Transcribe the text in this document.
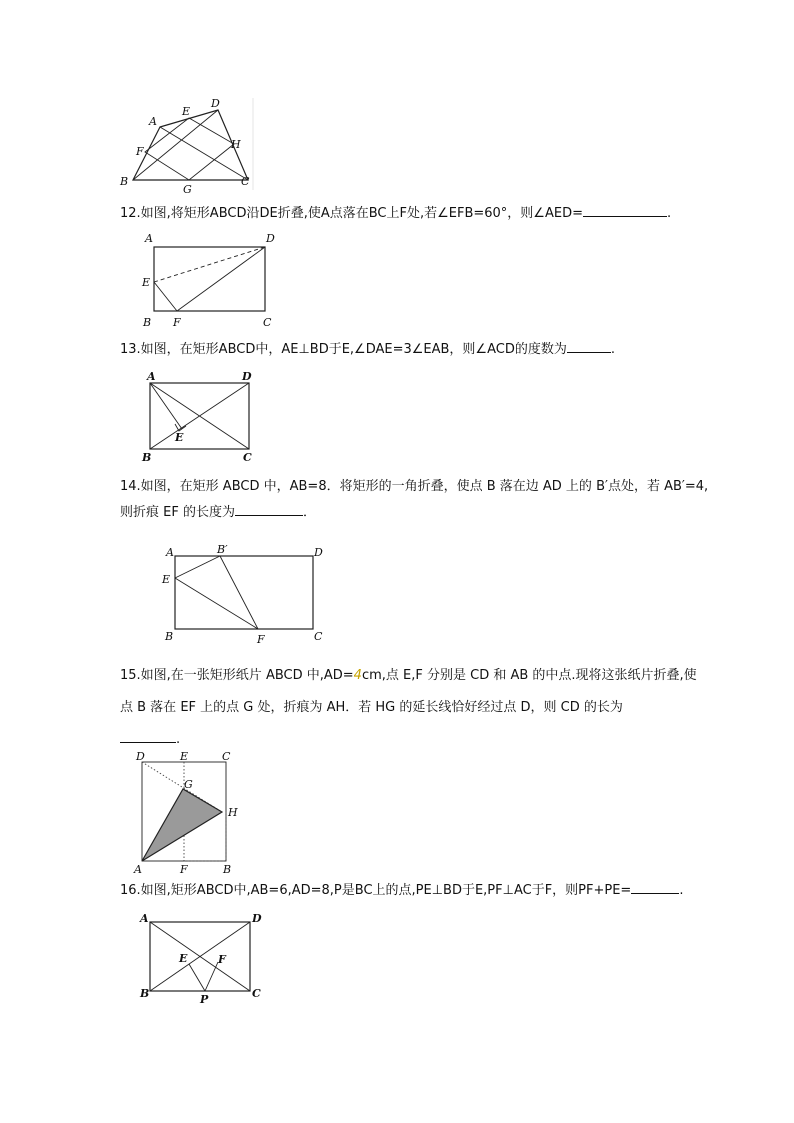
A
E
D
F
H
B
G
C
12.如图,将矩形ABCD沿DE折叠,使A点落在BC上F处,若∠EFB=60°，则∠AED=	.
A	D
E
B F	C
13.如图，在矩形ABCD中，AE⊥BD于E,∠DAE=3∠EAB，则∠ACD的度数为	.
A	D
E
B	C
14.如图，在矩形 ABCD 中，AB=8．将矩形的一角折叠，使点 B 落在边 AD 上的 B′点处，若 AB′=4,
则折痕 EF 的长度为	．
A	B′	D
E
B	F	C
15.如图,在一张矩形纸片 ABCD 中,AD=4cm,点 E,F 分别是 CD 和 AB 的中点.现将这张纸片折叠,使
点 B 落在 EF 上的点 G 处，折痕为 AH．若 HG 的延长线恰好经过点 D，则 CD 的长为
.
D	E	C
G
H
A	F	B
16.如图,矩形ABCD中,AB=6,AD=8,P是BC上的点,PE⊥BD于E,PF⊥AC于F，则PF+PE=	.
A	D
E	F
B	P	C
